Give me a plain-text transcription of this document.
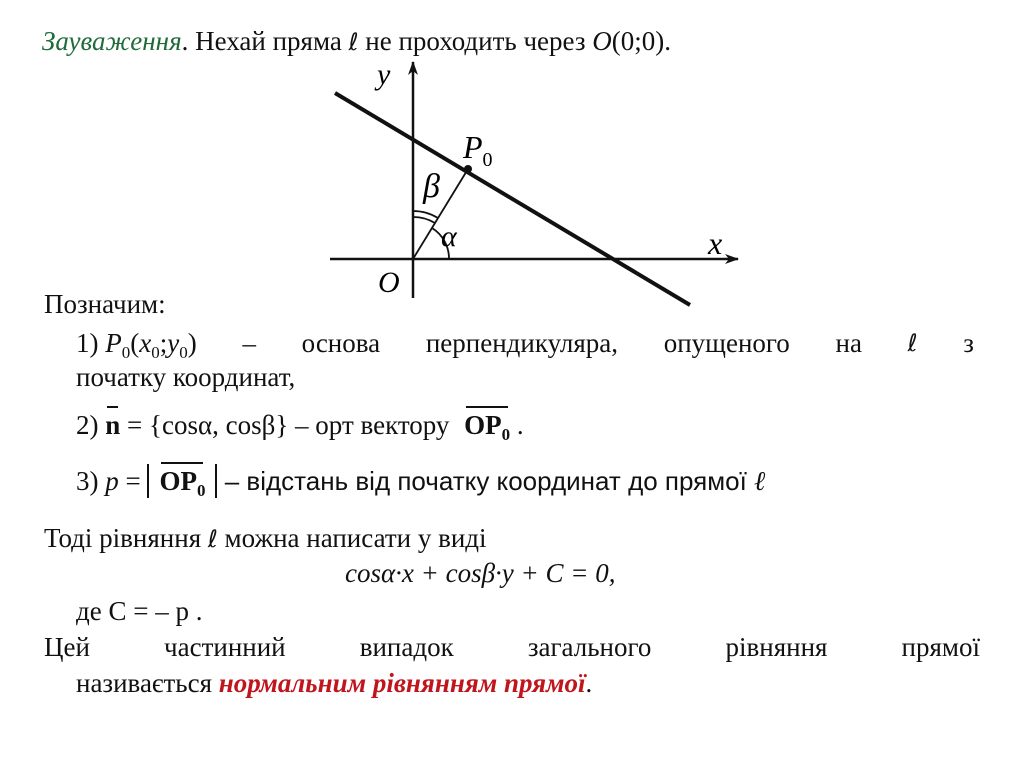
Зауваження. Нехай пряма ℓ не проходить через O(0;0).
y
x
O
$P_0$
β
α
Позначим:
1) $P_0(x_0;y_0)$ – основа перпендикуляра, опущеного на ℓ з
початку координат,
2) n = {cosα, cosβ} – орт вектору $OP_0$ .
3) $p = OP_0$ – відстань від початку координат до прямої ℓ
Тоді рівняння ℓ можна написати у виді
cosα·x + cosβ·y + C = 0,
де C = – p .
Цей	частинний	випадок	загального	рівняння	прямої
називається нормальним рівнянням прямої.
